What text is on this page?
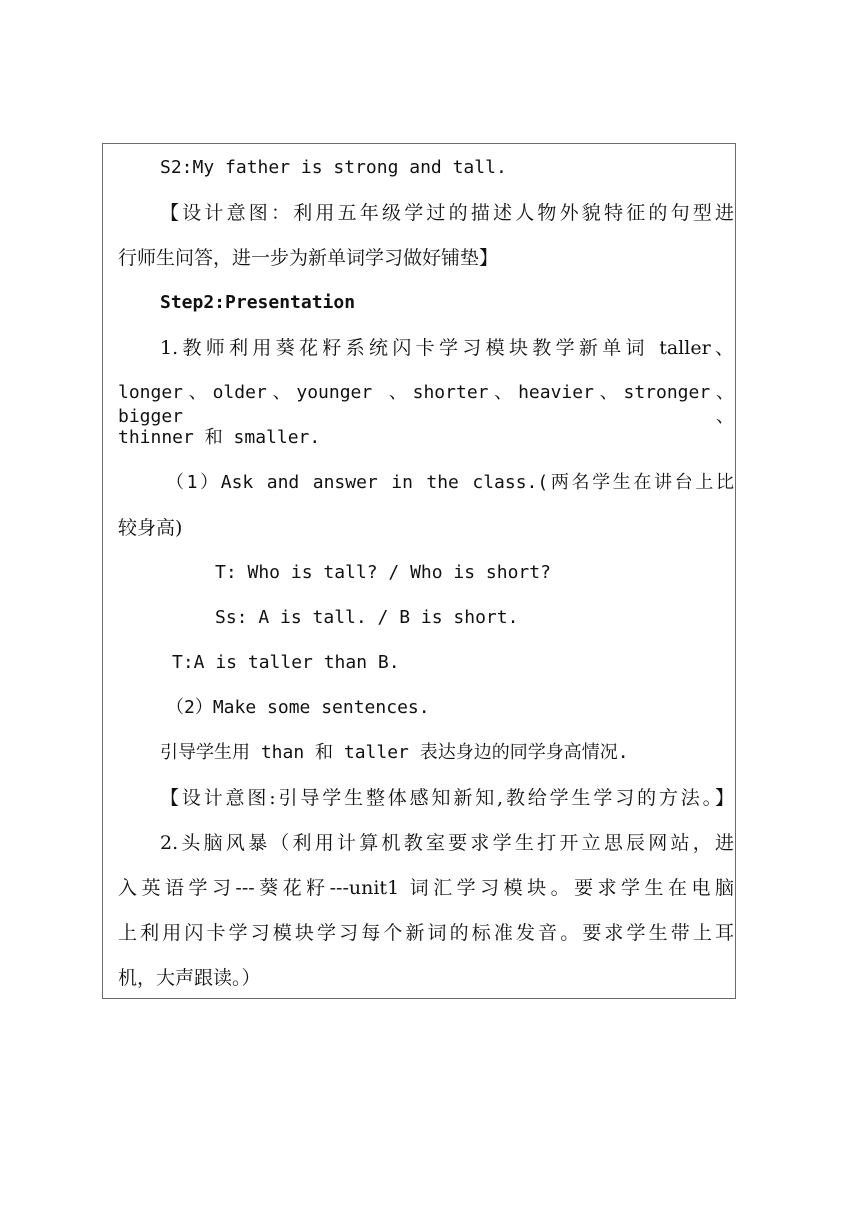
S2:My father is strong and tall.
【设计意图：利用五年级学过的描述人物外貌特征的句型进
行师生问答，进一步为新单词学习做好铺垫】
Step2:Presentation
1.教师利用葵花籽系统闪卡学习模块教学新单词 taller、
longer、older、younger 、shorter、heavier、stronger、bigger、
thinner 和 smaller.
（1）Ask and answer in the class.(两名学生在讲台上比
较身高)
T: Who is tall? / Who is short?
Ss: A is tall. / B is short.
T:A is taller than B.
（2）Make some sentences.
引导学生用 than 和 taller 表达身边的同学身高情况.
【设计意图:引导学生整体感知新知,教给学生学习的方法。】
2.头脑风暴（利用计算机教室要求学生打开立思辰网站，进
入英语学习---葵花籽---unit1 词汇学习模块。要求学生在电脑
上利用闪卡学习模块学习每个新词的标准发音。要求学生带上耳
机，大声跟读。）
